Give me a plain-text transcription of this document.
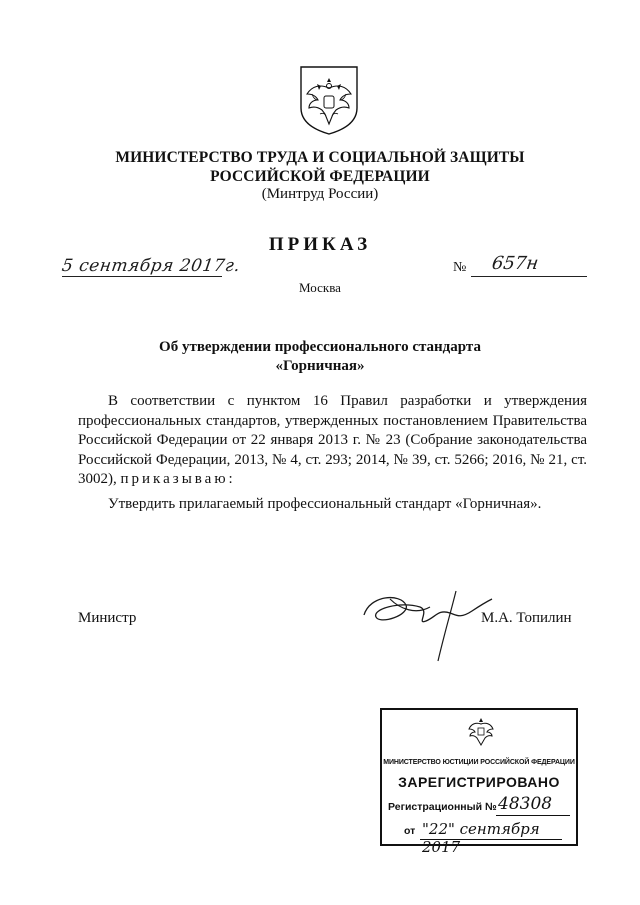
МИНИСТЕРСТВО ТРУДА И СОЦИАЛЬНОЙ ЗАЩИТЫ
РОССИЙСКОЙ ФЕДЕРАЦИИ
(Минтруд России)
ПРИКАЗ
5 сентября 2017г.	№ 657н
Москва
Об утверждении профессионального стандарта
«Горничная»

В соответствии с пунктом 16 Правил разработки и утверждения профессиональных стандартов, утвержденных постановлением Правительства Российской Федерации от 22 января 2013 г. № 23 (Собрание законодательства Российской Федерации, 2013, № 4, ст. 293; 2014, № 39, ст. 5266; 2016, № 21, ст. 3002), приказываю:

Утвердить прилагаемый профессиональный стандарт «Горничная».
Министр	М.А. Топилин
МИНИСТЕРСТВО ЮСТИЦИИ РОССИЙСКОЙ ФЕДЕРАЦИИ
ЗАРЕГИСТРИРОВАНО
Регистрационный № 48308
от "22" сентября 2017
